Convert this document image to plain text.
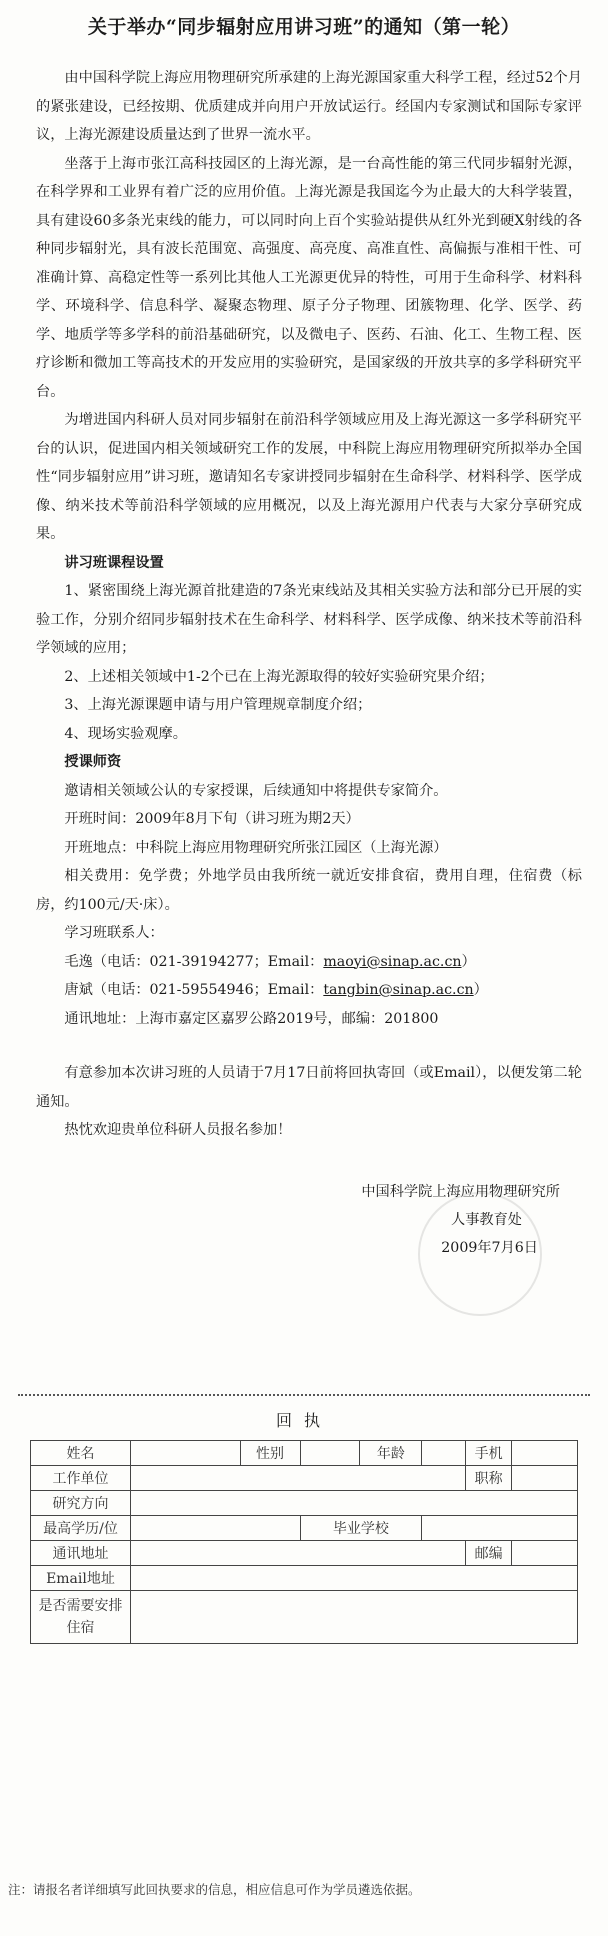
关于举办“同步辐射应用讲习班”的通知（第一轮）

由中国科学院上海应用物理研究所承建的上海光源国家重大科学工程，经过52个月的紧张建设，已经按期、优质建成并向用户开放试运行。经国内专家测试和国际专家评议，上海光源建设质量达到了世界一流水平。

坐落于上海市张江高科技园区的上海光源，是一台高性能的第三代同步辐射光源，在科学界和工业界有着广泛的应用价值。上海光源是我国迄今为止最大的大科学装置，具有建设60多条光束线的能力，可以同时向上百个实验站提供从红外光到硬X射线的各种同步辐射光，具有波长范围宽、高强度、高亮度、高准直性、高偏振与准相干性、可准确计算、高稳定性等一系列比其他人工光源更优异的特性，可用于生命科学、材料科学、环境科学、信息科学、凝聚态物理、原子分子物理、团簇物理、化学、医学、药学、地质学等多学科的前沿基础研究，以及微电子、医药、石油、化工、生物工程、医疗诊断和微加工等高技术的开发应用的实验研究，是国家级的开放共享的多学科研究平台。

为增进国内科研人员对同步辐射在前沿科学领域应用及上海光源这一多学科研究平台的认识，促进国内相关领域研究工作的发展，中科院上海应用物理研究所拟举办全国性“同步辐射应用”讲习班，邀请知名专家讲授同步辐射在生命科学、材料科学、医学成像、纳米技术等前沿科学领域的应用概况，以及上海光源用户代表与大家分享研究成果。

讲习班课程设置

1、紧密围绕上海光源首批建造的7条光束线站及其相关实验方法和部分已开展的实验工作，分别介绍同步辐射技术在生命科学、材料科学、医学成像、纳米技术等前沿科学领域的应用；

2、上述相关领域中1-2个已在上海光源取得的较好实验研究果介绍；

3、上海光源课题申请与用户管理规章制度介绍；

4、现场实验观摩。

授课师资

邀请相关领域公认的专家授课，后续通知中将提供专家简介。

开班时间：2009年8月下旬（讲习班为期2天）

开班地点：中科院上海应用物理研究所张江园区（上海光源）

相关费用：免学费；外地学员由我所统一就近安排食宿，费用自理，住宿费（标房，约100元/天·床）。

学习班联系人：

毛逸（电话：021-39194277；Email：maoyi@sinap.ac.cn）

唐斌（电话：021-59554946；Email：tangbin@sinap.ac.cn）

通讯地址：上海市嘉定区嘉罗公路2019号，邮编：201800

有意参加本次讲习班的人员请于7月17日前将回执寄回（或Email），以便发第二轮通知。

热忱欢迎贵单位科研人员报名参加！

中国科学院上海应用物理研究所
人事教育处
2009年7月6日
回执
姓名		性别		年龄		手机	
工作单位						职称	
研究方向							
最高学历/位			毕业学校				
通讯地址						邮编	
Email地址							
是否需要安排住宿							
注：请报名者详细填写此回执要求的信息，相应信息可作为学员遴选依据。
